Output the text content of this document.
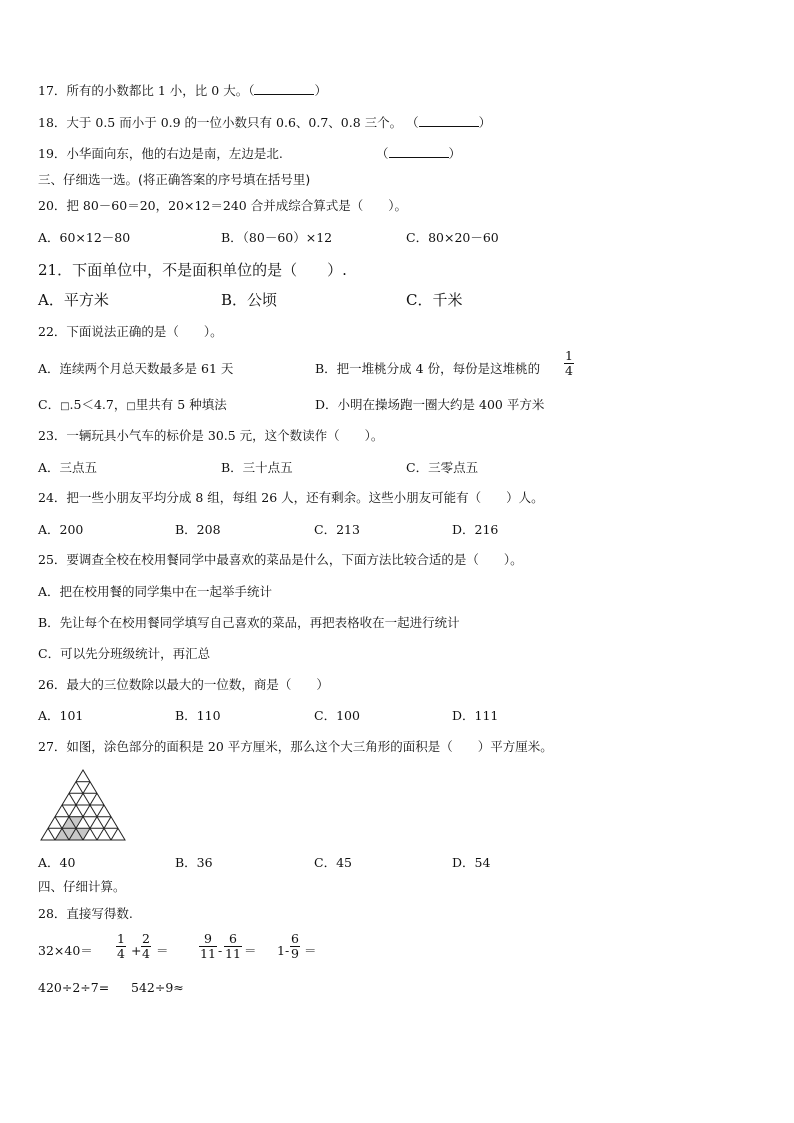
17．所有的小数都比 1 小，比 0 大。（	）
18．大于 0.5 而小于 0.9 的一位小数只有 0.6、0.7、0.8 三个。 （	）
19．小华面向东，他的右边是南，左边是北.	（	）
三、仔细选一选。(将正确答案的序号填在括号里)
20．把 80－60＝20，20×12＝240 合并成综合算式是（　　）。
A．60×12－80	B．（80－60）×12	C．80×20－60
21．下面单位中，不是面积单位的是（　　）.
A．平方米	B．公顷	C．千米
22．下面说法正确的是（　　）。
A．连续两个月总天数最多是 61 天	B．把一堆桃分成 4 份，每份是这堆桃的 $\frac{1}{4}$
C．□.5＜4.7，□里共有 5 种填法	D．小明在操场跑一圈大约是 400 平方米
23．一辆玩具小气车的标价是 30.5 元，这个数读作（　　）。
A．三点五	B．三十点五	C．三零点五
24．把一些小朋友平均分成 8 组，每组 26 人，还有剩余。这些小朋友可能有（　　）人。
A．200	B．208	C．213	D．216
25．要调查全校在校用餐同学中最喜欢的菜品是什么，下面方法比较合适的是（　　）。
A．把在校用餐的同学集中在一起举手统计
B．先让每个在校用餐同学填写自己喜欢的菜品，再把表格收在一起进行统计
C．可以先分班级统计，再汇总
26．最大的三位数除以最大的一位数，商是（　　）
A．101	B．110	C．100	D．111
27．如图，涂色部分的面积是 20 平方厘米，那么这个大三角形的面积是（　　）平方厘米。
A．40	B．36	C．45	D．54
四、仔细计算。
28．直接写得数.
$32\times 40= \frac{1}{4} + \frac{2}{4} = \frac{9}{11} - \frac{6}{11} = 1- \frac{6}{9}$ ＝
420÷2÷7= 542÷9≈
